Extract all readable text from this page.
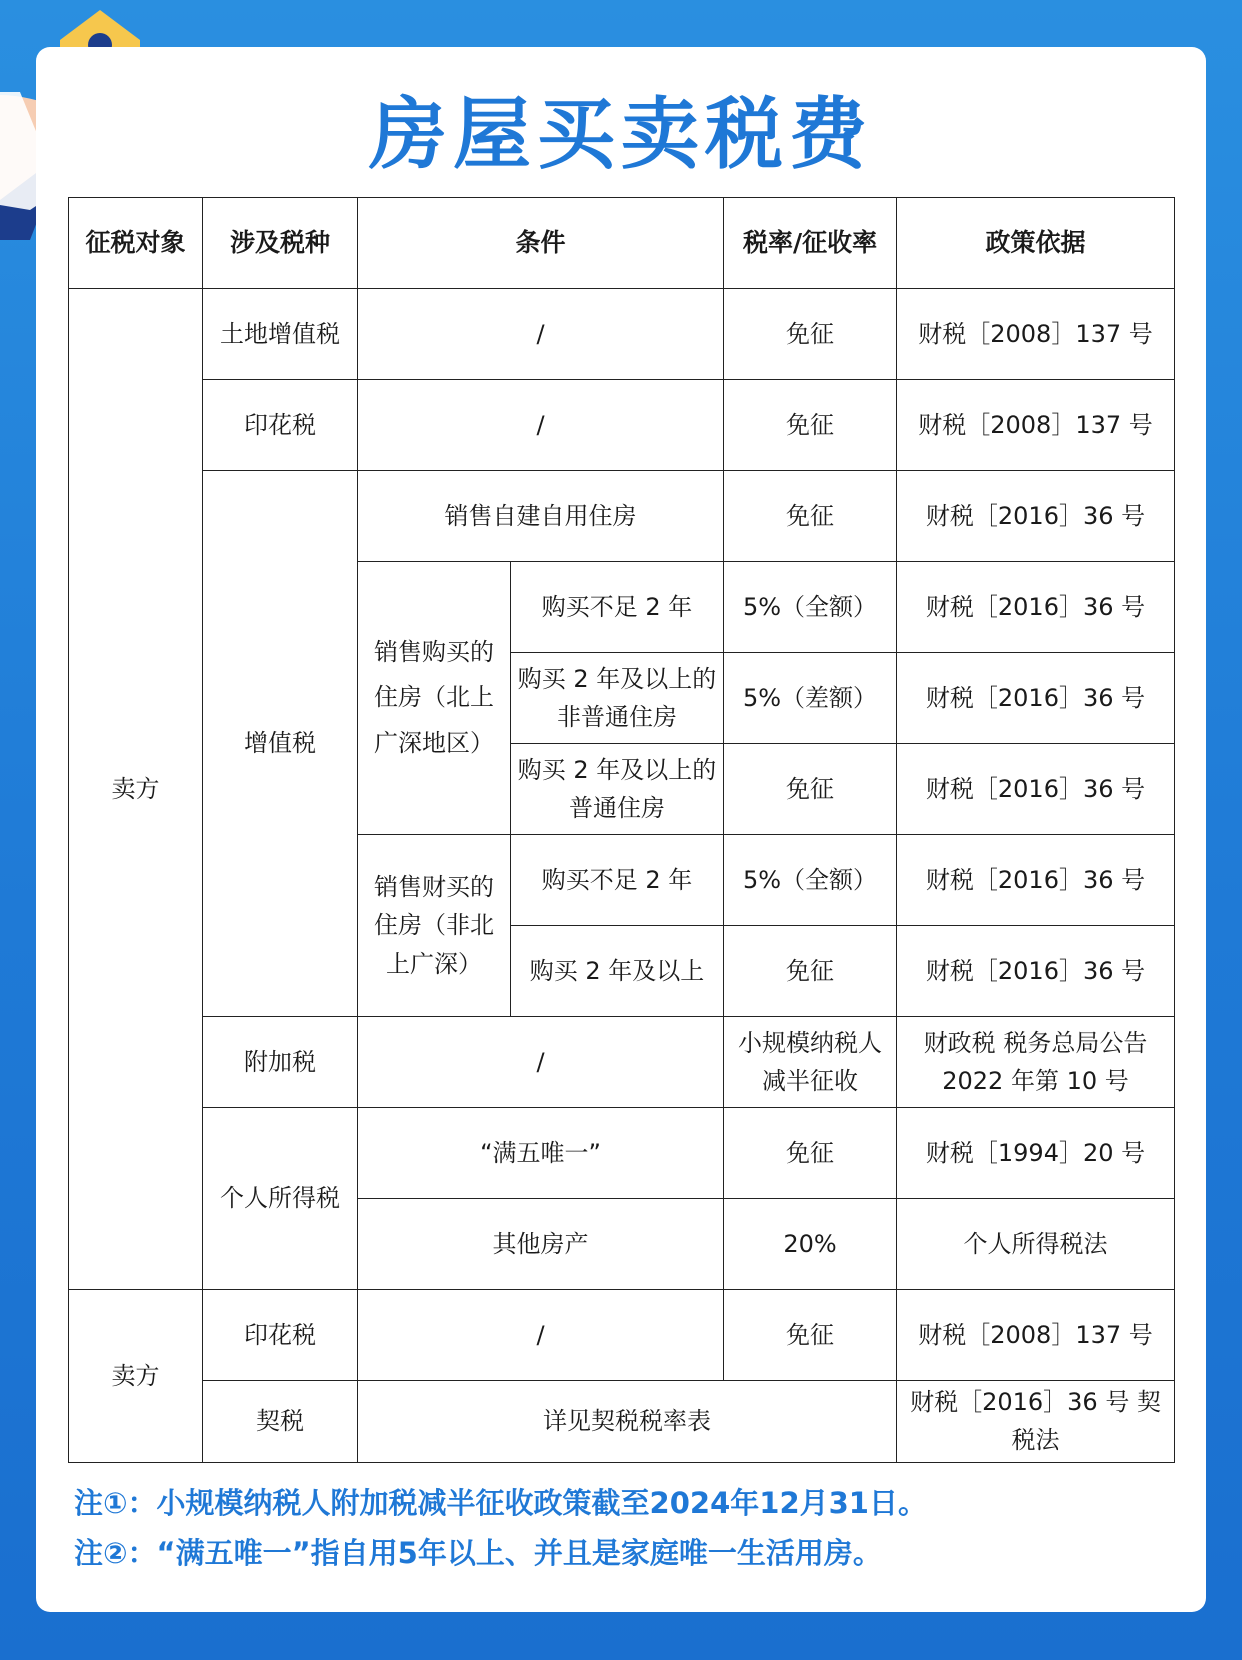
房屋买卖税费
征税对象	涉及税种	条件		税率/征收率	政策依据
卖方	土地增值税	/		免征	财税［2008］137 号
	印花税	/		免征	财税［2008］137 号
	增值税	销售自建自用住房		免征	财税［2016］36 号
		销售购买的住房（北上广深地区）	购买不足 2 年	5%（全额）	财税［2016］36 号
			购买 2 年及以上的非普通住房	5%（差额）	财税［2016］36 号
			购买 2 年及以上的普通住房	免征	财税［2016］36 号
		销售财买的住房（非北上广深）	购买不足 2 年	5%（全额）	财税［2016］36 号
			购买 2 年及以上	免征	财税［2016］36 号
	附加税	/		小规模纳税人减半征收	财政税 税务总局公告 2022 年第 10 号
	个人所得税	“满五唯一”		免征	财税［1994］20 号
		其他房产		20%	个人所得税法
卖方	印花税	/		免征	财税［2008］137 号
	契税	详见契税税率表			财税［2016］36 号 契税法
注①：小规模纳税人附加税减半征收政策截至2024年12月31日。
注②：“满五唯一”指自用5年以上、并且是家庭唯一生活用房。
